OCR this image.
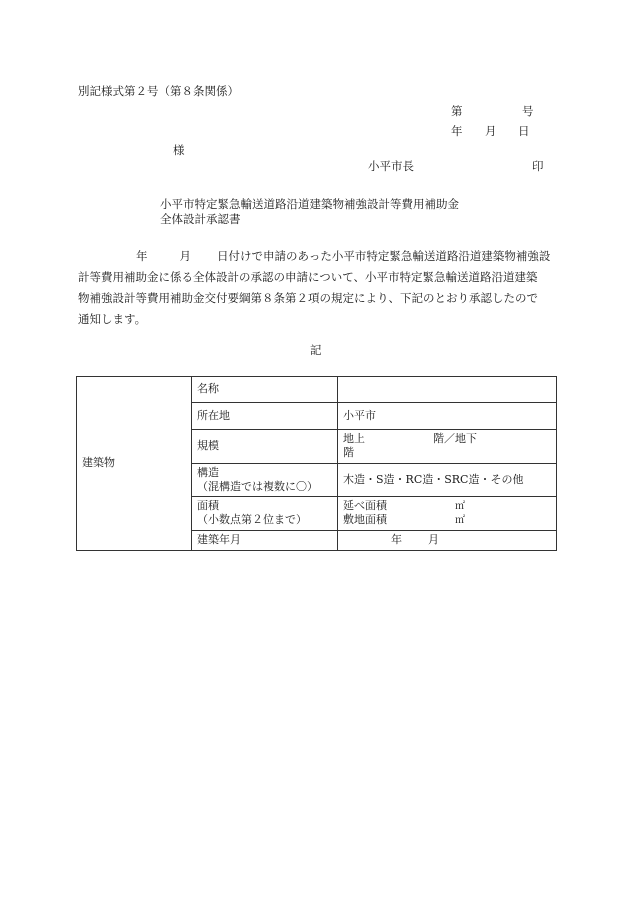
別記様式第２号（第８条関係）
第	号
年 月 日
様
小平市長	印
小平市特定緊急輸送道路沿道建築物補強設計等費用補助金
全体設計承認書
年	月 日付けで申請のあった小平市特定緊急輸送道路沿道建築物補強設
計等費用補助金に係る全体設計の承認の申請について、小平市特定緊急輸送道路沿道建築
物補強設計等費用補助金交付要綱第８条第２項の規定により、下記のとおり承認したので
通知します。
記
建築物	名称	
	所在地	小平市
	規模	地上 階／地下階

	構造
（混構造では複数に〇）	木造・S造・RC造・SRC造・その他

	面積
（小数点第２位まで）	延べ面積 ㎡
敷地面積 ㎡

	建築年月	年 月
